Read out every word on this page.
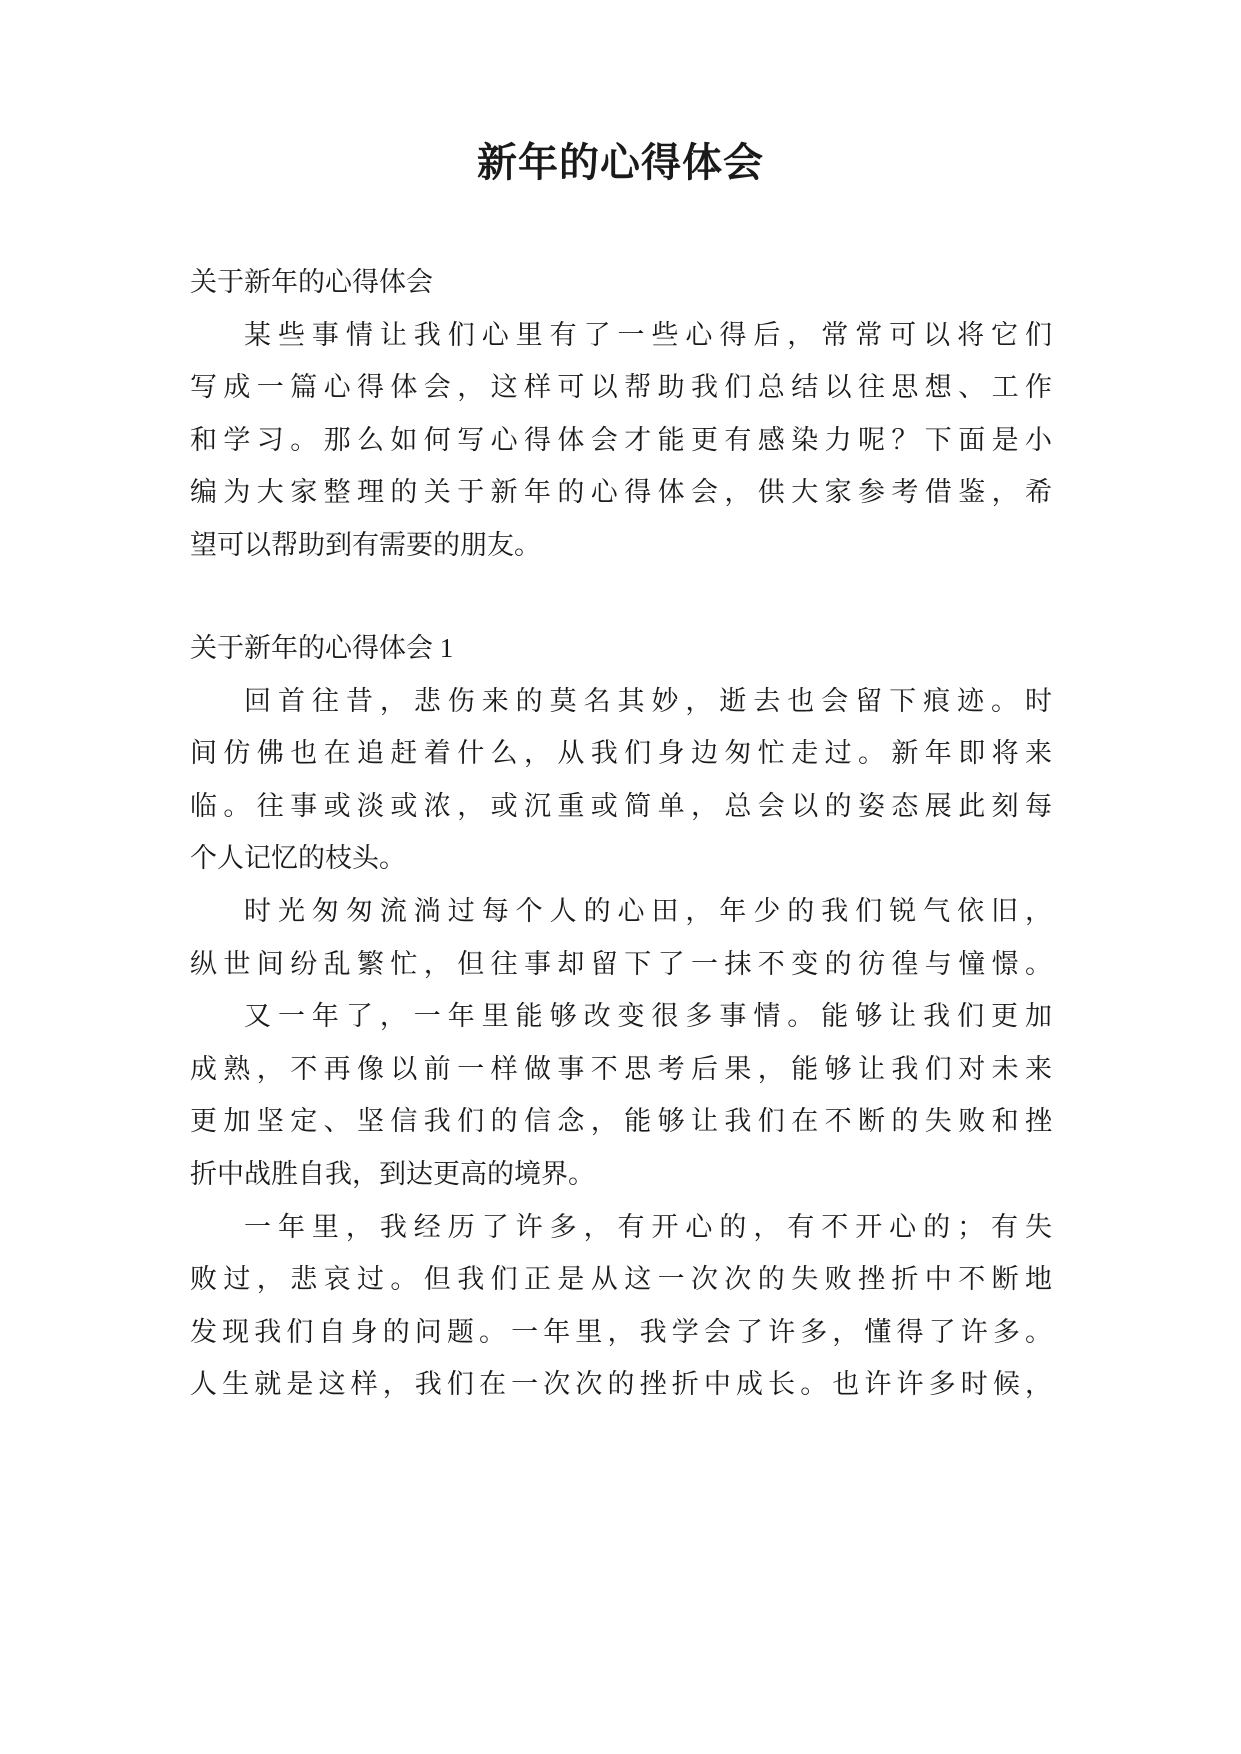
新年的心得体会
关于新年的心得体会
某些事情让我们心里有了一些心得后，常常可以将它们
写成一篇心得体会，这样可以帮助我们总结以往思想、工作
和学习。那么如何写心得体会才能更有感染力呢？下面是小
编为大家整理的关于新年的心得体会，供大家参考借鉴，希
望可以帮助到有需要的朋友。
关于新年的心得体会 1
回首往昔，悲伤来的莫名其妙，逝去也会留下痕迹。时
间仿佛也在追赶着什么，从我们身边匆忙走过。新年即将来
临。往事或淡或浓，或沉重或简单，总会以的姿态展此刻每
个人记忆的枝头。
时光匆匆流淌过每个人的心田，年少的我们锐气依旧，
纵世间纷乱繁忙，但往事却留下了一抹不变的彷徨与憧憬。
又一年了，一年里能够改变很多事情。能够让我们更加
成熟，不再像以前一样做事不思考后果，能够让我们对未来
更加坚定、坚信我们的信念，能够让我们在不断的失败和挫
折中战胜自我，到达更高的境界。
一年里，我经历了许多，有开心的，有不开心的；有失
败过，悲哀过。但我们正是从这一次次的失败挫折中不断地
发现我们自身的问题。一年里，我学会了许多，懂得了许多。
人生就是这样，我们在一次次的挫折中成长。也许许多时候，
